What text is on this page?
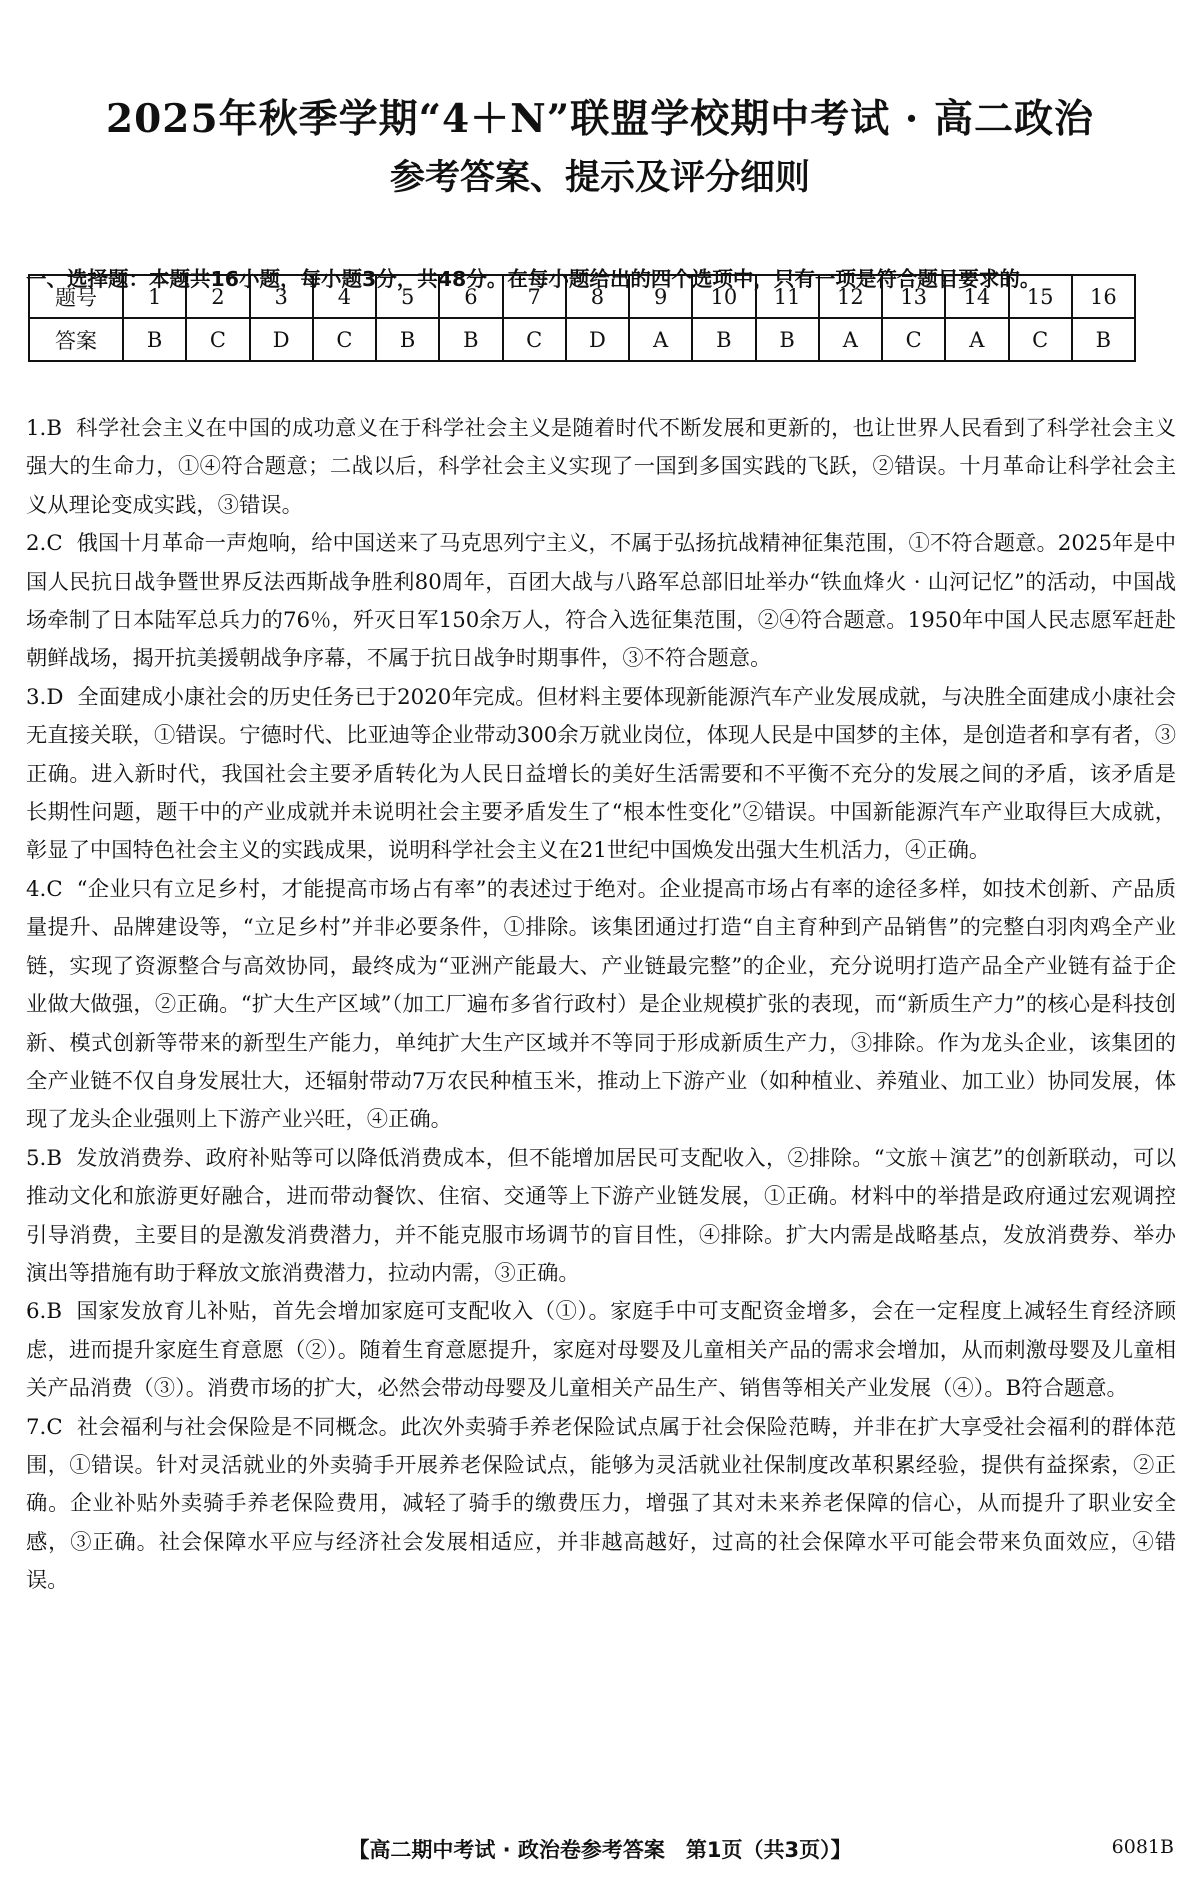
2025年秋季学期“4＋N”联盟学校期中考试 · 高二政治
参考答案、提示及评分细则
一、选择题：本题共16小题，每小题3分，共48分。在每小题给出的四个选项中，只有一项是符合题目要求的。
题号	1	2	3	4	5	6	7	8	9	10	11	12	13	14	15	16
答案	B	C	D	C	B	B	C	D	A	B	B	A	C	A	C	B

1.B 科学社会主义在中国的成功意义在于科学社会主义是随着时代不断发展和更新的，也让世界人民看到了科学社会主义强大的生命力，①④符合题意；二战以后，科学社会主义实现了一国到多国实践的飞跃，②错误。十月革命让科学社会主义从理论变成实践，③错误。

2.C 俄国十月革命一声炮响，给中国送来了马克思列宁主义，不属于弘扬抗战精神征集范围，①不符合题意。2025年是中国人民抗日战争暨世界反法西斯战争胜利80周年，百团大战与八路军总部旧址举办“铁血烽火 · 山河记忆”的活动，中国战场牵制了日本陆军总兵力的76％，歼灭日军150余万人，符合入选征集范围，②④符合题意。1950年中国人民志愿军赶赴朝鲜战场，揭开抗美援朝战争序幕，不属于抗日战争时期事件，③不符合题意。

3.D 全面建成小康社会的历史任务已于2020年完成。但材料主要体现新能源汽车产业发展成就，与决胜全面建成小康社会无直接关联，①错误。宁德时代、比亚迪等企业带动300余万就业岗位，体现人民是中国梦的主体，是创造者和享有者，③正确。进入新时代，我国社会主要矛盾转化为人民日益增长的美好生活需要和不平衡不充分的发展之间的矛盾，该矛盾是长期性问题，题干中的产业成就并未说明社会主要矛盾发生了“根本性变化”②错误。中国新能源汽车产业取得巨大成就，彰显了中国特色社会主义的实践成果，说明科学社会主义在21世纪中国焕发出强大生机活力，④正确。

4.C “企业只有立足乡村，才能提高市场占有率”的表述过于绝对。企业提高市场占有率的途径多样，如技术创新、产品质量提升、品牌建设等，“立足乡村”并非必要条件，①排除。该集团通过打造“自主育种到产品销售”的完整白羽肉鸡全产业链，实现了资源整合与高效协同，最终成为“亚洲产能最大、产业链最完整”的企业，充分说明打造产品全产业链有益于企业做大做强，②正确。“扩大生产区域”（加工厂遍布多省行政村）是企业规模扩张的表现，而“新质生产力”的核心是科技创新、模式创新等带来的新型生产能力，单纯扩大生产区域并不等同于形成新质生产力，③排除。作为龙头企业，该集团的全产业链不仅自身发展壮大，还辐射带动7万农民种植玉米，推动上下游产业（如种植业、养殖业、加工业）协同发展，体现了龙头企业强则上下游产业兴旺，④正确。

5.B 发放消费券、政府补贴等可以降低消费成本，但不能增加居民可支配收入，②排除。“文旅＋演艺”的创新联动，可以推动文化和旅游更好融合，进而带动餐饮、住宿、交通等上下游产业链发展，①正确。材料中的举措是政府通过宏观调控引导消费，主要目的是激发消费潜力，并不能克服市场调节的盲目性，④排除。扩大内需是战略基点，发放消费券、举办演出等措施有助于释放文旅消费潜力，拉动内需，③正确。

6.B 国家发放育儿补贴，首先会增加家庭可支配收入（①）。家庭手中可支配资金增多，会在一定程度上减轻生育经济顾虑，进而提升家庭生育意愿（②）。随着生育意愿提升，家庭对母婴及儿童相关产品的需求会增加，从而刺激母婴及儿童相关产品消费（③）。消费市场的扩大，必然会带动母婴及儿童相关产品生产、销售等相关产业发展（④）。B符合题意。

7.C 社会福利与社会保险是不同概念。此次外卖骑手养老保险试点属于社会保险范畴，并非在扩大享受社会福利的群体范围，①错误。针对灵活就业的外卖骑手开展养老保险试点，能够为灵活就业社保制度改革积累经验，提供有益探索，②正确。企业补贴外卖骑手养老保险费用，减轻了骑手的缴费压力，增强了其对未来养老保障的信心，从而提升了职业安全感，③正确。社会保障水平应与经济社会发展相适应，并非越高越好，过高的社会保障水平可能会带来负面效应，④错误。

【高二期中考试 · 政治卷参考答案　第1页（共3页）】	6081B
